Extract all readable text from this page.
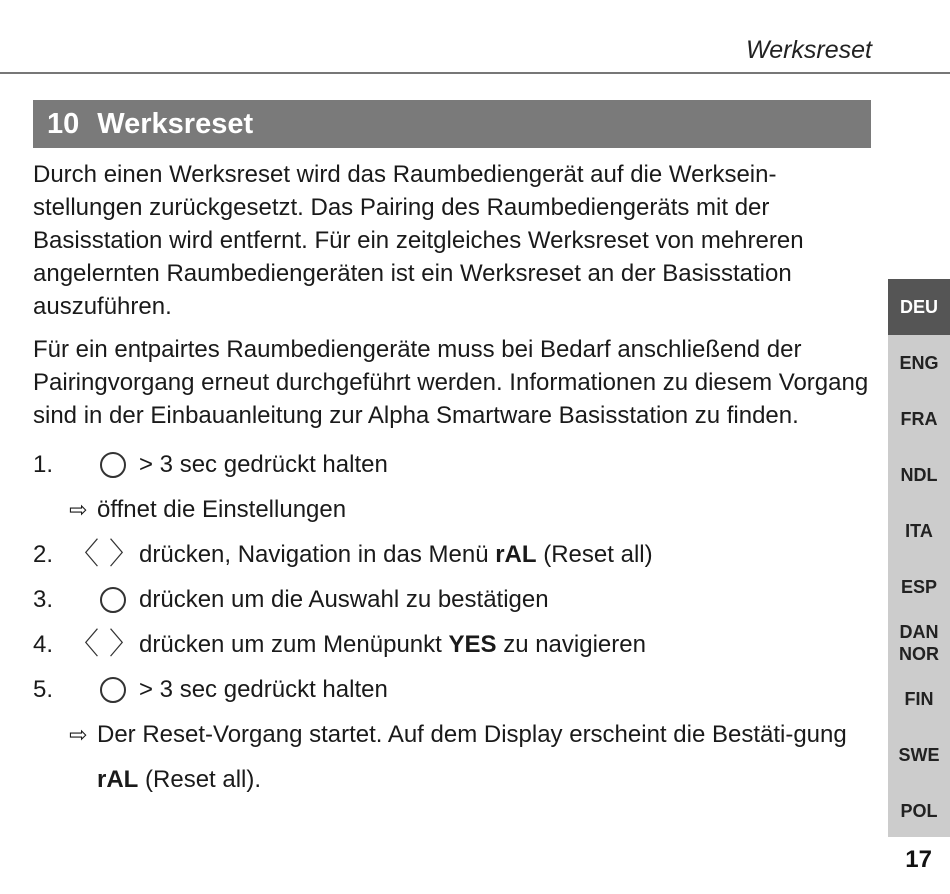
Werksreset
10 Werksreset

Durch einen Werksreset wird das Raumbediengerät auf die Werksein-stellungen zurückgesetzt. Das Pairing des Raumbediengeräts mit der Basisstation wird entfernt. Für ein zeitgleiches Werksreset von mehreren angelernten Raumbediengeräten ist ein Werksreset an der Basisstation auszuführen.

Für ein entpairtes Raumbediengeräte muss bei Bedarf anschließend der Pairingvorgang erneut durchgeführt werden. Informationen zu diesem Vorgang sind in der Einbauanleitung zur Alpha Smartware Basisstation zu finden.

1.	> 3 sec gedrückt halten
⇨ öffnet die Einstellungen
2. 〈 〉 drücken, Navigation in das Menü rAL (Reset all)
3.	drücken um die Auswahl zu bestätigen
4. 〈 〉 drücken um zum Menüpunkt YES zu navigieren
5.	> 3 sec gedrückt halten
⇨ Der Reset-Vorgang startet. Auf dem Display erscheint die Bestäti-gung rAL (Reset all).
DEU
ENG
FRA
NDL
ITA
ESP
DAN NOR
FIN
SWE
POL
17
